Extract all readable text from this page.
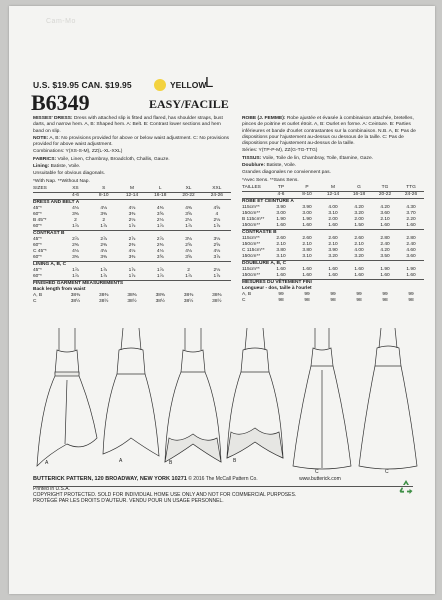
Cam-Mo
U.S. $19.95 CAN. $19.95	YELLOW
L
B6349	EASY/FACILE

MISSES' DRESS: Dress with attached slip is fitted and flared, has shoulder straps, bust darts, and narrow hem. A, B: Shaped hem. A: Belt. B: Contrast lower sections and hem band on slip.

NOTE: A, B: No provisions provided for above or below waist adjustment. C: No provisions provided for above waist adjustment.

Combinations: Y(XS-S-M), ZZ(L-XL-XXL)

FABRICS: Voile, Linen, Chambray, Broadcloth, Challis, Gauze.

Lining: Batiste, Voile.

Unsuitable for obvious diagonals.

*With Nap. **Without Nap.

SIZES	XS	S	M	L	XL	XXL
	4-6	8-10	12-14	16-18	20-22	24-26
DRESS AND BELT A						
45"*	4⅛	4⅛	4⅛	4⅜	4⅜	4⅝
60"*	3⅜	3⅜	3⅜	3⅝	3⅝	4
B 45"*	2	2	2⅛	2⅛	2⅛	2⅛
60"*	1⅞	1⅞	1⅞	1⅞	1⅞	1⅞
CONTRAST B						
45"*	2⅞	2⅞	2⅞	2⅞	3⅛	3⅛
60"*	2⅜	2⅜	2⅜	2⅜	2⅝	2⅝
C 45"*	4⅛	4⅛	4⅛	4⅛	4⅛	4⅛
60"*	3⅜	3⅜	3⅜	3⅝	3⅝	3⅞
LINING A, B, C						
45"*	1⅞	1⅞	1⅞	1⅞	2	2⅛
60"*	1⅞	1⅞	1⅞	1⅞	1⅞	1⅞
FINISHED GARMENT MEASUREMENTS						
Back length from waist						
A, B	38⅜	38⅜	38⅜	38⅜	38⅜	38⅜
C	38½	38½	38½	38½	38½	38½

ROBE (J. FEMME): Robe ajustée et évasée à combinaison attachée, bretelles, pinces de poitrine et ourlet étroit. A, B: Ourlet en forme. A: Ceinture. B: Parties inférieures et bande d'ourlet contrastantes sur la combinaison. N.B. A, B: Pas de dispositions pour l'ajustement au-dessus ou dessous de la taille. C: Pas de dispositions pour l'ajustement au-dessus de la taille.

Séries: Y(TP-P-M), ZZ(G-TG-TTG)

TISSUS: Voile, Toile de lin, Chambray, Toile, Étamine, Gaze.

Doublure: Batiste, Voile.

Grandes diagonales ne conviennent pas.

*Avec Sens. **Sans Sens.

TAILLES	TP	P	M	G	TG	TTG
	4-6	8-10	12-14	16-18	20-22	24-26
ROBE ET CEINTURE A						
115cm**	3.90	3.90	4.00	4.20	4.20	4.30
150cm**	3.00	3.00	3.10	3.20	3.60	3.70
B 115cm**	1.90	1.90	2.00	2.00	2.10	2.20
150cm**	1.60	1.60	1.60	1.50	1.60	1.60
CONTRASTE B						
115cm**	2.60	2.60	2.60	2.60	2.80	2.80
150cm**	2.10	2.10	2.10	2.10	2.40	2.40
C 115cm**	3.80	3.80	3.90	4.00	4.20	4.60
150cm**	3.10	3.10	3.20	3.20	3.50	3.60
DOUBLURE A, B, C						
115cm**	1.60	1.60	1.60	1.60	1.90	1.90
150cm**	1.60	1.60	1.60	1.60	1.60	1.60
MESURES DU VÊTEMENT FINI						
Longueur - dos, taille à l'ourlet						
A, B	99	99	99	99	99	99
C	98	98	98	98	98	98
A	A	B	B
C	C
BUTTERICK PATTERN, 120 BROADWAY, NEW YORK 10271 © 2016 The McCall Pattern Co.	www.butterick.com
Printed in U.S.A.
COPYRIGHT PROTECTED. SOLD FOR INDIVIDUAL HOME USE ONLY AND NOT FOR COMMERCIAL PURPOSES.
PROTÉGÉ PAR LES DROITS D'AUTEUR. VENDU POUR UN USAGE PERSONNEL.
